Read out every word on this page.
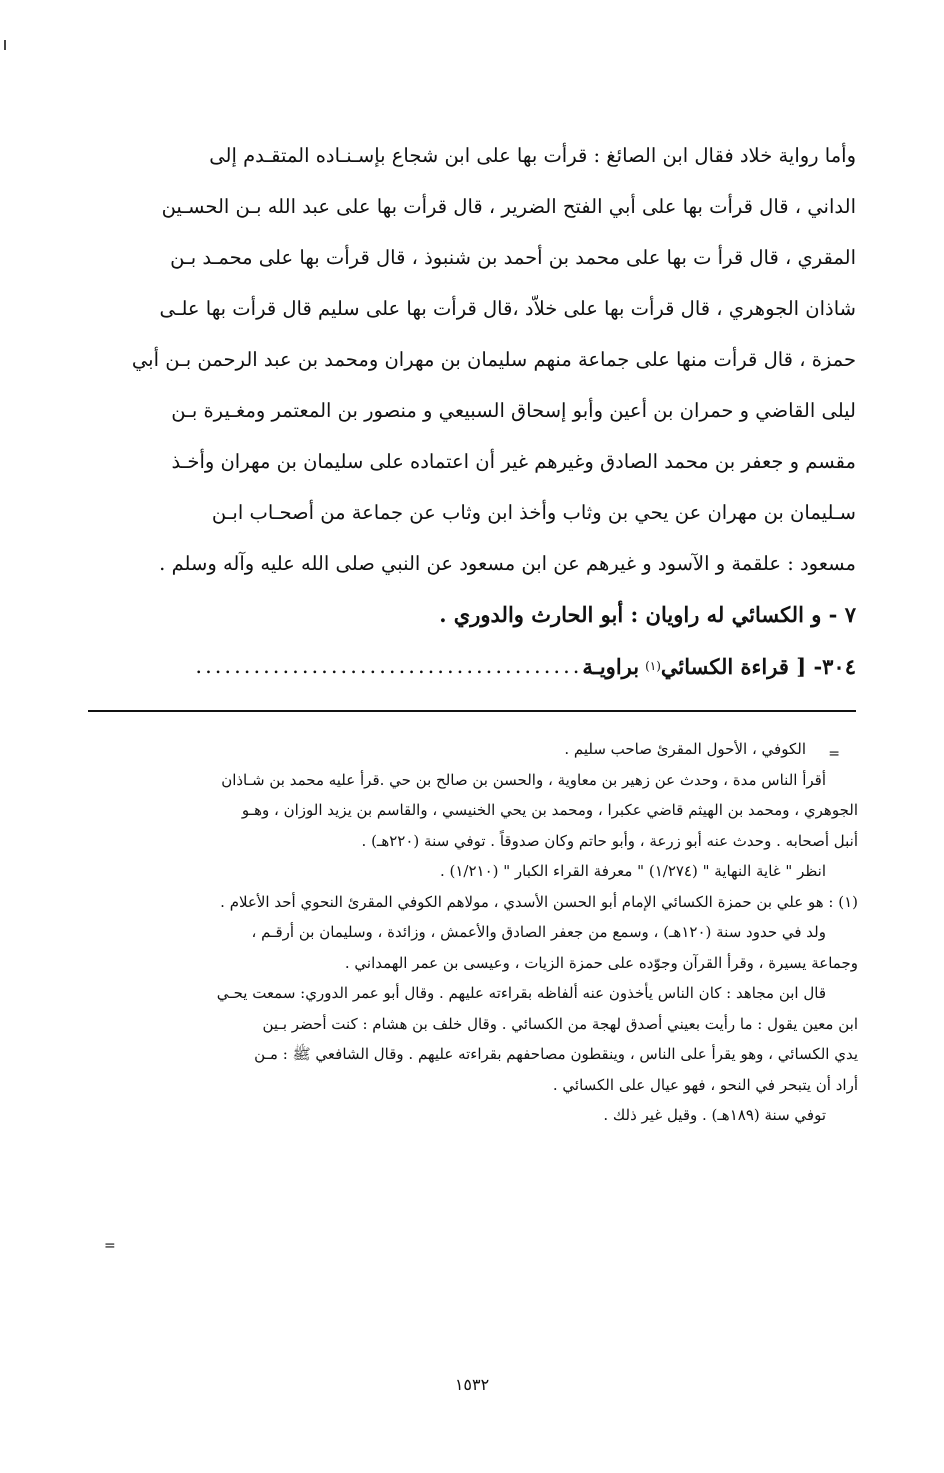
وأما رواية خلاد فقال ابن الصائغ : قرأت بها على ابن شجاع بإسـنـاده المتقـدم إلى
الداني ، قال قرأت بها على أبي الفتح الضرير ، قال قرأت بها على عبد الله بـن الحسـين
المقري ، قال قرأ ت بها على محمد بن أحمد بن شنبوذ ، قال قرأت بها على محمـد بـن
شاذان الجوهري ، قال قرأت بها على خلاّد ،قال قرأت بها على سليم قال قرأت بها علـى
حمزة ، قال قرأت منها على جماعة منهم سليمان بن مهران ومحمد بن عبد الرحمن بـن أبي
ليلى القاضي و حمران بن أعين وأبو إسحاق السبيعي و منصور بن المعتمر ومغـيرة بـن
مقسم و جعفر بن محمد الصادق وغيرهم غير أن اعتماده على سليمان بن مهران وأخـذ
سـليمان بن مهران عن يحي بن وثاب وأخذ ابن وثاب عن جماعة من أصحـاب ابـن
مسعود : علقمة و الآسود و غيرهم عن ابن مسعود عن النبي صلى الله عليه وآله وسلم .
٧ - و الكسائي له راويان : أبو الحارث والدوري .
٣٠٤- [ قراءة الكسائي
(١)
براويـة
........................................
=
الكوفي ، الأحول المقرئ صاحب سليم .
أقرأ الناس مدة ، وحدث عن زهير بن معاوية ، والحسن بن صالح بن حي .قرأ عليه محمد بن شـاذان
الجوهري ، ومحمد بن الهيثم قاضي عكبرا ، ومحمد بن يحي الخنيسي ، والقاسم بن يزيد الوزان ، وهـو
أنبل أصحابه . وحدث عنه أبو زرعة ، وأبو حاتم وكان صدوقاً . توفي سنة (٢٢٠هـ) .
انظر " غاية النهاية " (١/٢٧٤) " معرفة القراء الكبار " (١/٢١٠) .
(١) : هو علي بن حمزة الكسائي الإمام أبو الحسن الأسدي ، مولاهم الكوفي المقرئ النحوي أحد الأعلام .
ولد في حدود سنة (١٢٠هـ) ، وسمع من جعفر الصادق والأعمش ، وزائدة ، وسليمان بن أرقـم ،
وجماعة يسيرة ، وقرأ القرآن وجوّده على حمزة الزيات ، وعيسى بن عمر الهمداني .
قال ابن مجاهد : كان الناس يأخذون عنه ألفاظه بقراءته عليهم . وقال أبو عمر الدوري: سمعت يحـي
ابن معين يقول : ما رأيت بعيني أصدق لهجة من الكسائي . وقال خلف بن هشام : كنت أحضر بـين
يدي الكسائي ، وهو يقرأ على الناس ، وينقطون مصاحفهم بقراءته عليهم . وقال الشافعي ﷺ : مـن
أراد أن يتبحر في النحو ، فهو عيال على الكسائي .
توفي سنة (١٨٩هـ) . وقيل غير ذلك .
=
١٥٣٢
